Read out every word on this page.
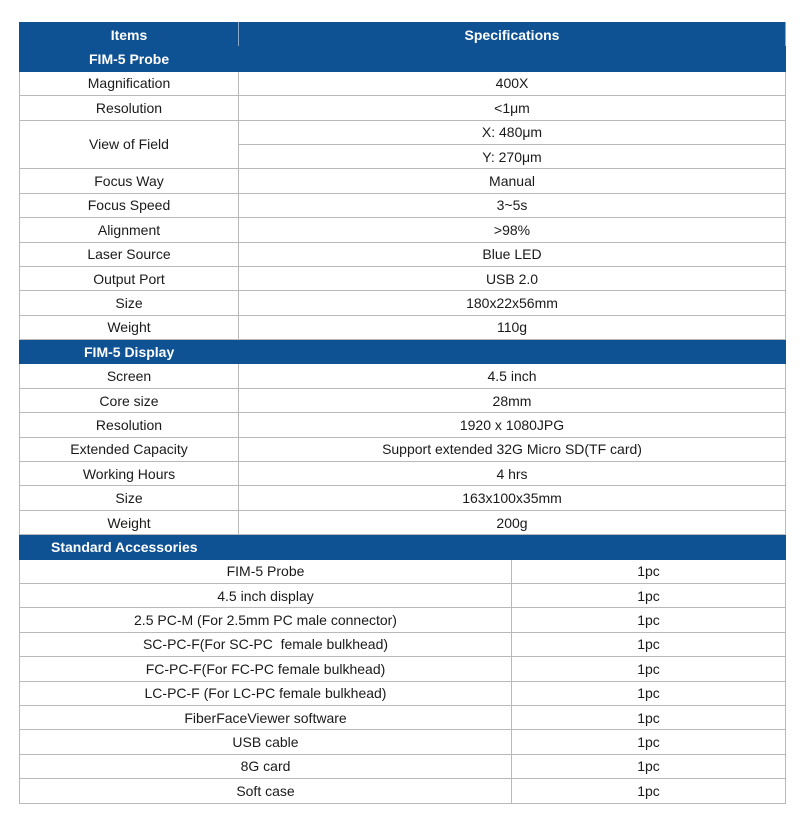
Items	Specifications	
FIM-5 Probe		
Magnification	400X	
Resolution	<1μm	
View of Field	X: 480μm	
	Y: 270μm	
Focus Way	Manual	
Focus Speed	3~5s	
Alignment	>98%	
Laser Source	Blue LED	
Output Port	USB 2.0	
Size	180x22x56mm	
Weight	110g	
FIM-5 Display		
Screen	4.5 inch	
Core size	28mm	
Resolution	1920 x 1080JPG	
Extended Capacity	Support extended 32G Micro SD(TF card)	
Working Hours	4 hrs	
Size	163x100x35mm	
Weight	200g	
Standard Accessories		
FIM-5 Probe		1pc
4.5 inch display		1pc
2.5 PC-M (For 2.5mm PC male connector)		1pc
SC-PC-F(For SC-PC  female bulkhead)		1pc
FC-PC-F(For FC-PC female bulkhead)		1pc
LC-PC-F (For LC-PC female bulkhead)		1pc
FiberFaceViewer software		1pc
USB cable		1pc
8G card		1pc
Soft case		1pc
